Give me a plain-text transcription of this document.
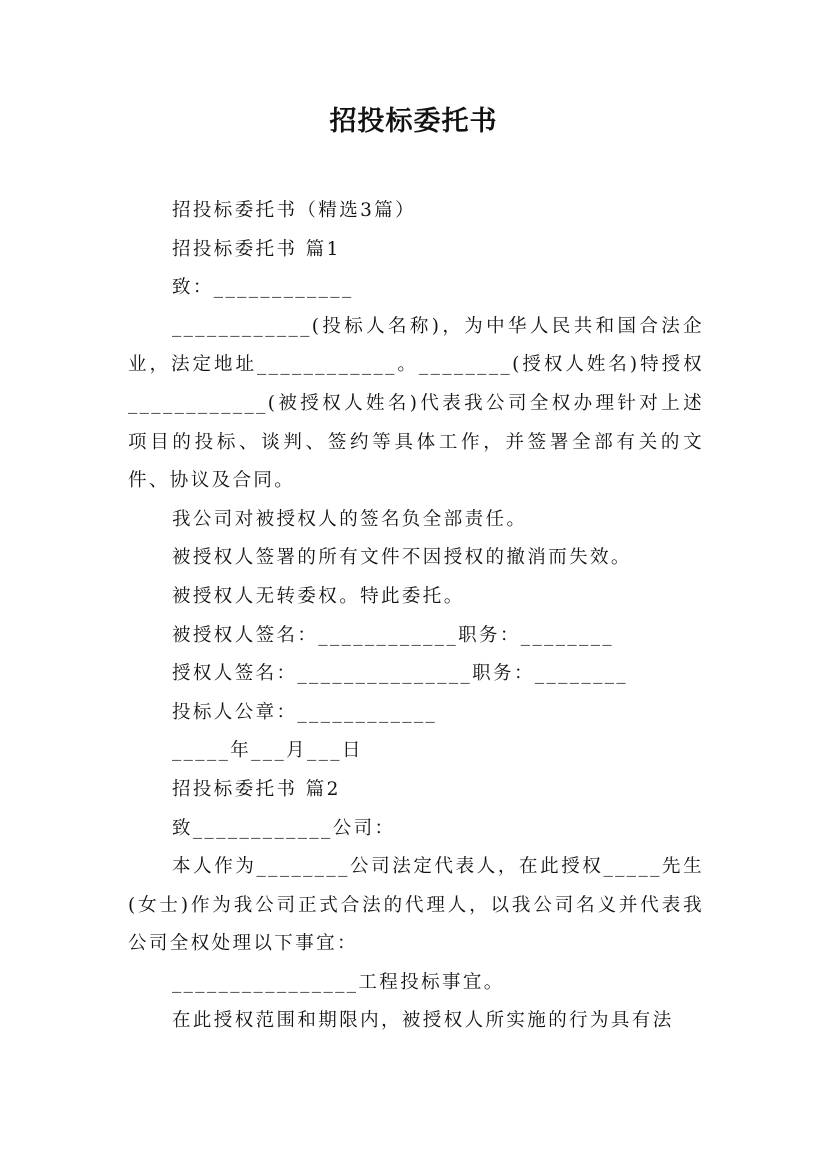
招投标委托书

招投标委托书（精选3篇）

招投标委托书 篇1

致：____________

____________(投标人名称)，为中华人民共和国合法企业，法定地址____________。________(授权人姓名)特授权____________(被授权人姓名)代表我公司全权办理针对上述项目的投标、谈判、签约等具体工作，并签署全部有关的文件、协议及合同。

我公司对被授权人的签名负全部责任。

被授权人签署的所有文件不因授权的撤消而失效。

被授权人无转委权。特此委托。

被授权人签名：____________职务：________

授权人签名：_______________职务：________

投标人公章：____________

_____年___月___日

招投标委托书 篇2

致____________公司：

本人作为________公司法定代表人，在此授权_____先生(女士)作为我公司正式合法的代理人，以我公司名义并代表我公司全权处理以下事宜：

________________工程投标事宜。

在此授权范围和期限内，被授权人所实施的行为具有法
